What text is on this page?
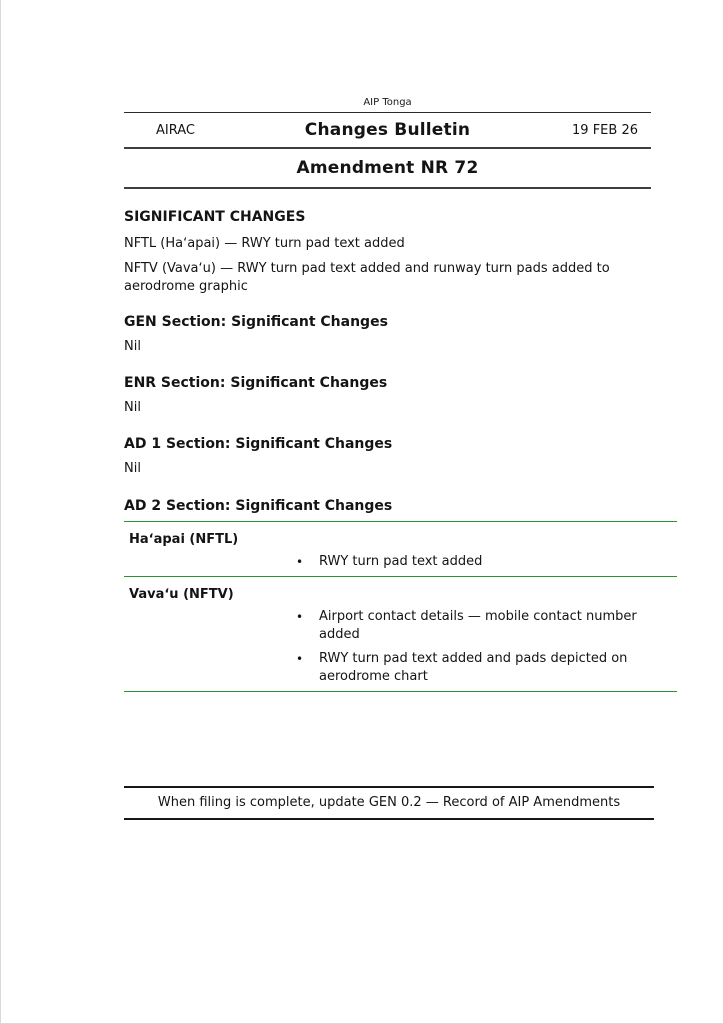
AIP Tonga
AIRAC	Changes Bulletin	19 FEB 26
Amendment NR 72
SIGNIFICANT CHANGES

NFTL (Haʻapai) — RWY turn pad text added

NFTV (Vavaʻu) — RWY turn pad text added and runway turn pads added to aerodrome graphic

GEN Section: Significant Changes

Nil

ENR Section: Significant Changes

Nil

AD 1 Section: Significant Changes

Nil

AD 2 Section: Significant Changes
Haʻapai (NFTL)
•	RWY turn pad text added
Vavaʻu (NFTV)
•	Airport contact details — mobile contact number added
•	RWY turn pad text added and pads depicted on aerodrome chart
When filing is complete, update GEN 0.2 — Record of AIP Amendments
